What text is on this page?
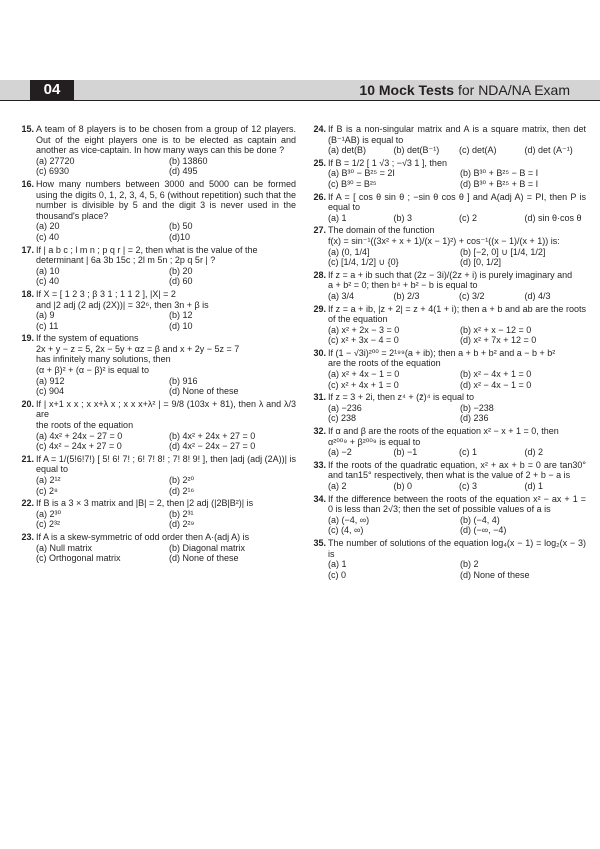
04	10 Mock Tests for NDA/NA Exam
15. A team of 8 players is to be chosen from a group of 12 players. Out of the eight players one is to be elected as captain and another as vice-captain. In how many ways can this be done ?
(a) 27720	(b) 13860
(c) 6930	(d) 495
16. How many numbers between 3000 and 5000 can be formed using the digits 0, 1, 2, 3, 4, 5, 6 (without repetition) such that the number is divisible by 5 and the digit 3 is never used in the thousand's place?
(a) 20	(b) 50
(c) 40	(d)10
17. If | a b c ; l m n ; p q r | = 2, then what is the value of the
determinant | 6a 3b 15c ; 2l m 5n ; 2p q 5r | ?
(a) 10	(b) 20
(c) 40	(d) 60
18. If X = [ 1 2 3 ; β 3 1 ; 1 1 2 ], |X| = 2
and |2 adj (2 adj (2X))| = 32⁶, then 3n + β is
(a) 9	(b) 12
(c) 11	(d) 10
19. If the system of equations
2x + y − z = 5, 2x − 5y + αz = β and x + 2y − 5z = 7
has infinitely many solutions, then
(α + β)² + (α − β)² is equal to
(a) 912	(b) 916
(c) 904	(d) None of these
20. If | x+1 x x ; x x+λ x ; x x x+λ² | = 9/8 (103x + 81), then λ and λ/3 are
the roots of the equation
(a) 4x² + 24x − 27 = 0	(b) 4x² + 24x + 27 = 0
(c) 4x² − 24x + 27 = 0	(d) 4x² − 24x − 27 = 0
21. If A = 1/(5!6!7!) [ 5! 6! 7! ; 6! 7! 8! ; 7! 8! 9! ], then |adj (adj (2A))| is equal to
(a) 2¹²	(b) 2²⁰
(c) 2⁸	(d) 2¹⁶
22. If B is a 3 × 3 matrix and |B| = 2, then |2 adj (|2B|B²)| is
(a) 2³⁰	(b) 2³¹
(c) 2³²	(d) 2²⁹
23. If A is a skew-symmetric of odd order then A·(adj A) is
(a) Null matrix	(b) Diagonal matrix
(c) Orthogonal matrix	(d) None of these
24. If B is a non-singular matrix and A is a square matrix, then det (B⁻¹AB) is equal to
(a) det(B)	(b) det(B⁻¹)	(c) det(A)	(d) det (A⁻¹)
25. If B = 1/2 [ 1 √3 ; −√3 1 ], then
(a) B³⁰ − B²⁵ = 2I	(b) B³⁰ + B²⁵ − B = I
(c) B³⁰ = B²⁵	(d) B³⁰ + B²⁵ + B = I
26. If A = [ cos θ sin θ ; −sin θ cos θ ] and A(adj A) = PI, then P is equal to
(a) 1	(b) 3	(c) 2	(d) sin θ·cos θ
27. The domain of the function
f(x) = sin⁻¹((3x² + x + 1)/(x − 1)²) + cos⁻¹((x − 1)/(x + 1)) is:
(a) (0, 1/4]	(b) [−2, 0] ∪ [1/4, 1/2]
(c) [1/4, 1/2] ∪ {0}	(d) [0, 1/2]
28. If z = a + ib such that (2z − 3i)/(2z + i) is purely imaginary and
a + b² = 0; then b⁴ + b² − b is equal to
(a) 3/4	(b) 2/3	(c) 3/2	(d) 4/3
29. If z = a + ib, |z + 2| = z + 4(1 + i); then a + b and ab are the roots of the equation
(a) x² + 2x − 3 = 0	(b) x² + x − 12 = 0
(c) x² + 3x − 4 = 0	(d) x² + 7x + 12 = 0
30. If (1 − √3i)²⁰⁰ = 2¹⁹⁹(a + ib); then a + b + b² and a − b + b²
are the roots of the equation
(a) x² + 4x − 1 = 0	(b) x² − 4x + 1 = 0
(c) x² + 4x + 1 = 0	(d) x² − 4x − 1 = 0
31. If z = 3 + 2i, then z⁴ + (z̄)⁴ is equal to
(a) −236	(b) −238
(c) 238	(d) 236
32. If α and β are the roots of the equation x² − x + 1 = 0, then
α²⁰⁰⁹ + β²⁰⁰⁹ is equal to
(a) −2	(b) −1	(c) 1	(d) 2
33. If the roots of the quadratic equation, x² + ax + b = 0 are tan30° and tan15° respectively, then what is the value of 2 + b − a is
(a) 2	(b) 0	(c) 3	(d) 1
34. If the difference between the roots of the equation x² − ax + 1 = 0 is less than 2√3; then the set of possible values of a is
(a) (−4, ∞)	(b) (−4, 4)
(c) (4, ∞)	(d) (−∞, −4)
35. The number of solutions of the equation log₄(x − 1) = log₂(x − 3) is
(a) 1	(b) 2
(c) 0	(d) None of these
